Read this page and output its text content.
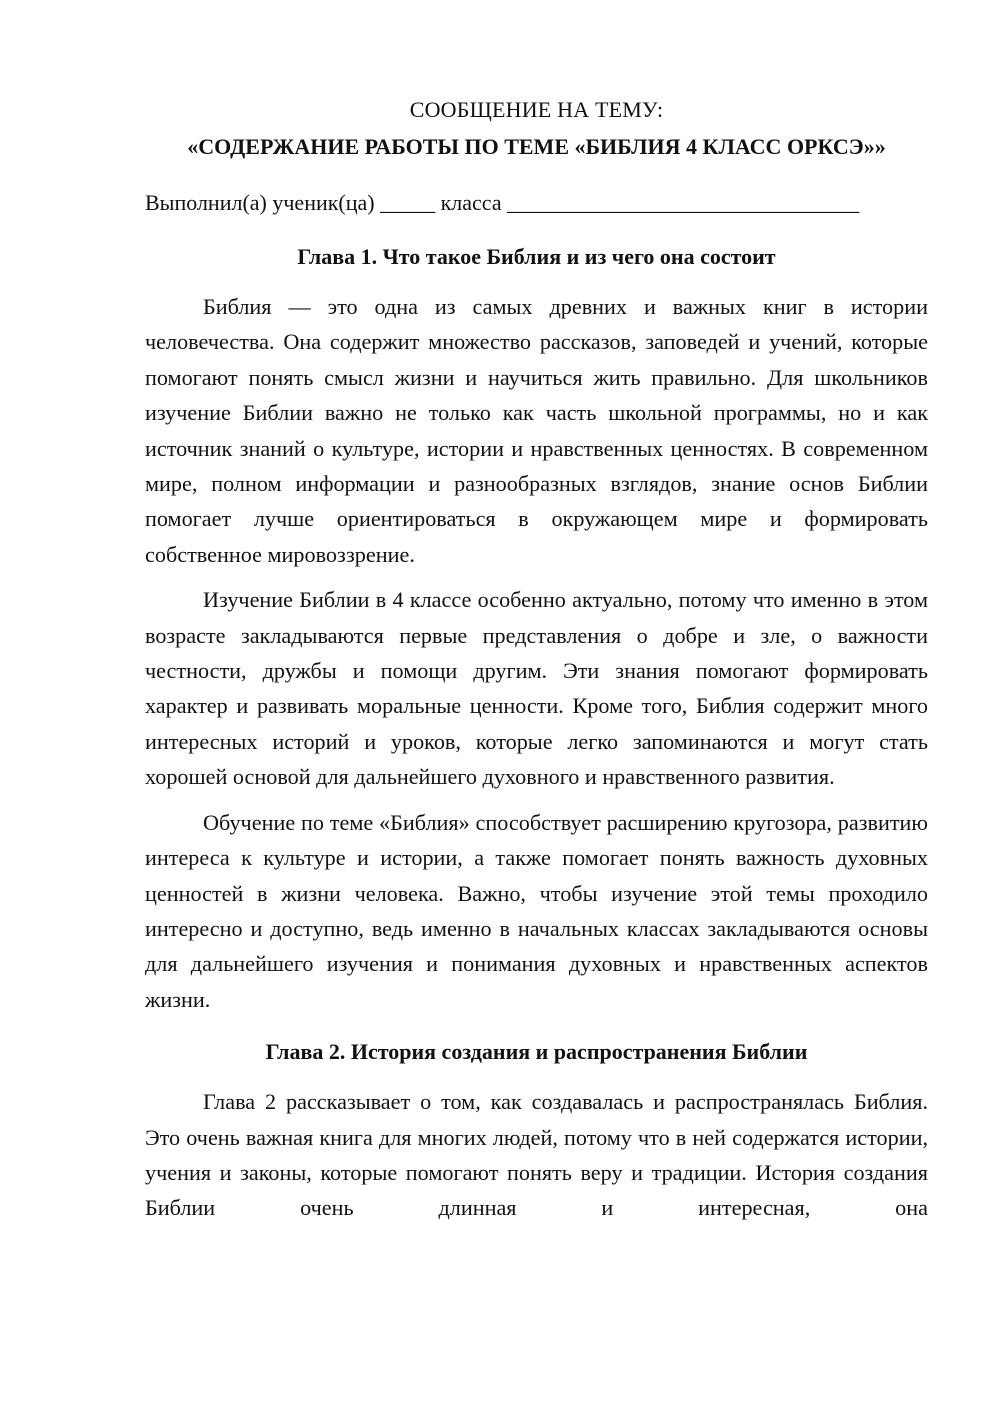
СООБЩЕНИЕ НА ТЕМУ:
«СОДЕРЖАНИЕ РАБОТЫ ПО ТЕМЕ «БИБЛИЯ 4 КЛАСС ОРКСЭ»»

Выполнил(а) ученик(ца) _____ класса ________________________________

Глава 1. Что такое Библия и из чего она состоит

Библия — это одна из самых древних и важных книг в истории человечества. Она содержит множество рассказов, заповедей и учений, которые помогают понять смысл жизни и научиться жить правильно. Для школьников изучение Библии важно не только как часть школьной программы, но и как источник знаний о культуре, истории и нравственных ценностях. В современном мире, полном информации и разнообразных взглядов, знание основ Библии помогает лучше ориентироваться в окружающем мире и формировать собственное мировоззрение.

Изучение Библии в 4 классе особенно актуально, потому что именно в этом возрасте закладываются первые представления о добре и зле, о важности честности, дружбы и помощи другим. Эти знания помогают формировать характер и развивать моральные ценности. Кроме того, Библия содержит много интересных историй и уроков, которые легко запоминаются и могут стать хорошей основой для дальнейшего духовного и нравственного развития.

Обучение по теме «Библия» способствует расширению кругозора, развитию интереса к культуре и истории, а также помогает понять важность духовных ценностей в жизни человека. Важно, чтобы изучение этой темы проходило интересно и доступно, ведь именно в начальных классах закладываются основы для дальнейшего изучения и понимания духовных и нравственных аспектов жизни.

Глава 2. История создания и распространения Библии

Глава 2 рассказывает о том, как создавалась и распространялась Библия. Это очень важная книга для многих людей, потому что в ней содержатся истории, учения и законы, которые помогают понять веру и традиции. История создания Библии очень длинная и интересная, она
